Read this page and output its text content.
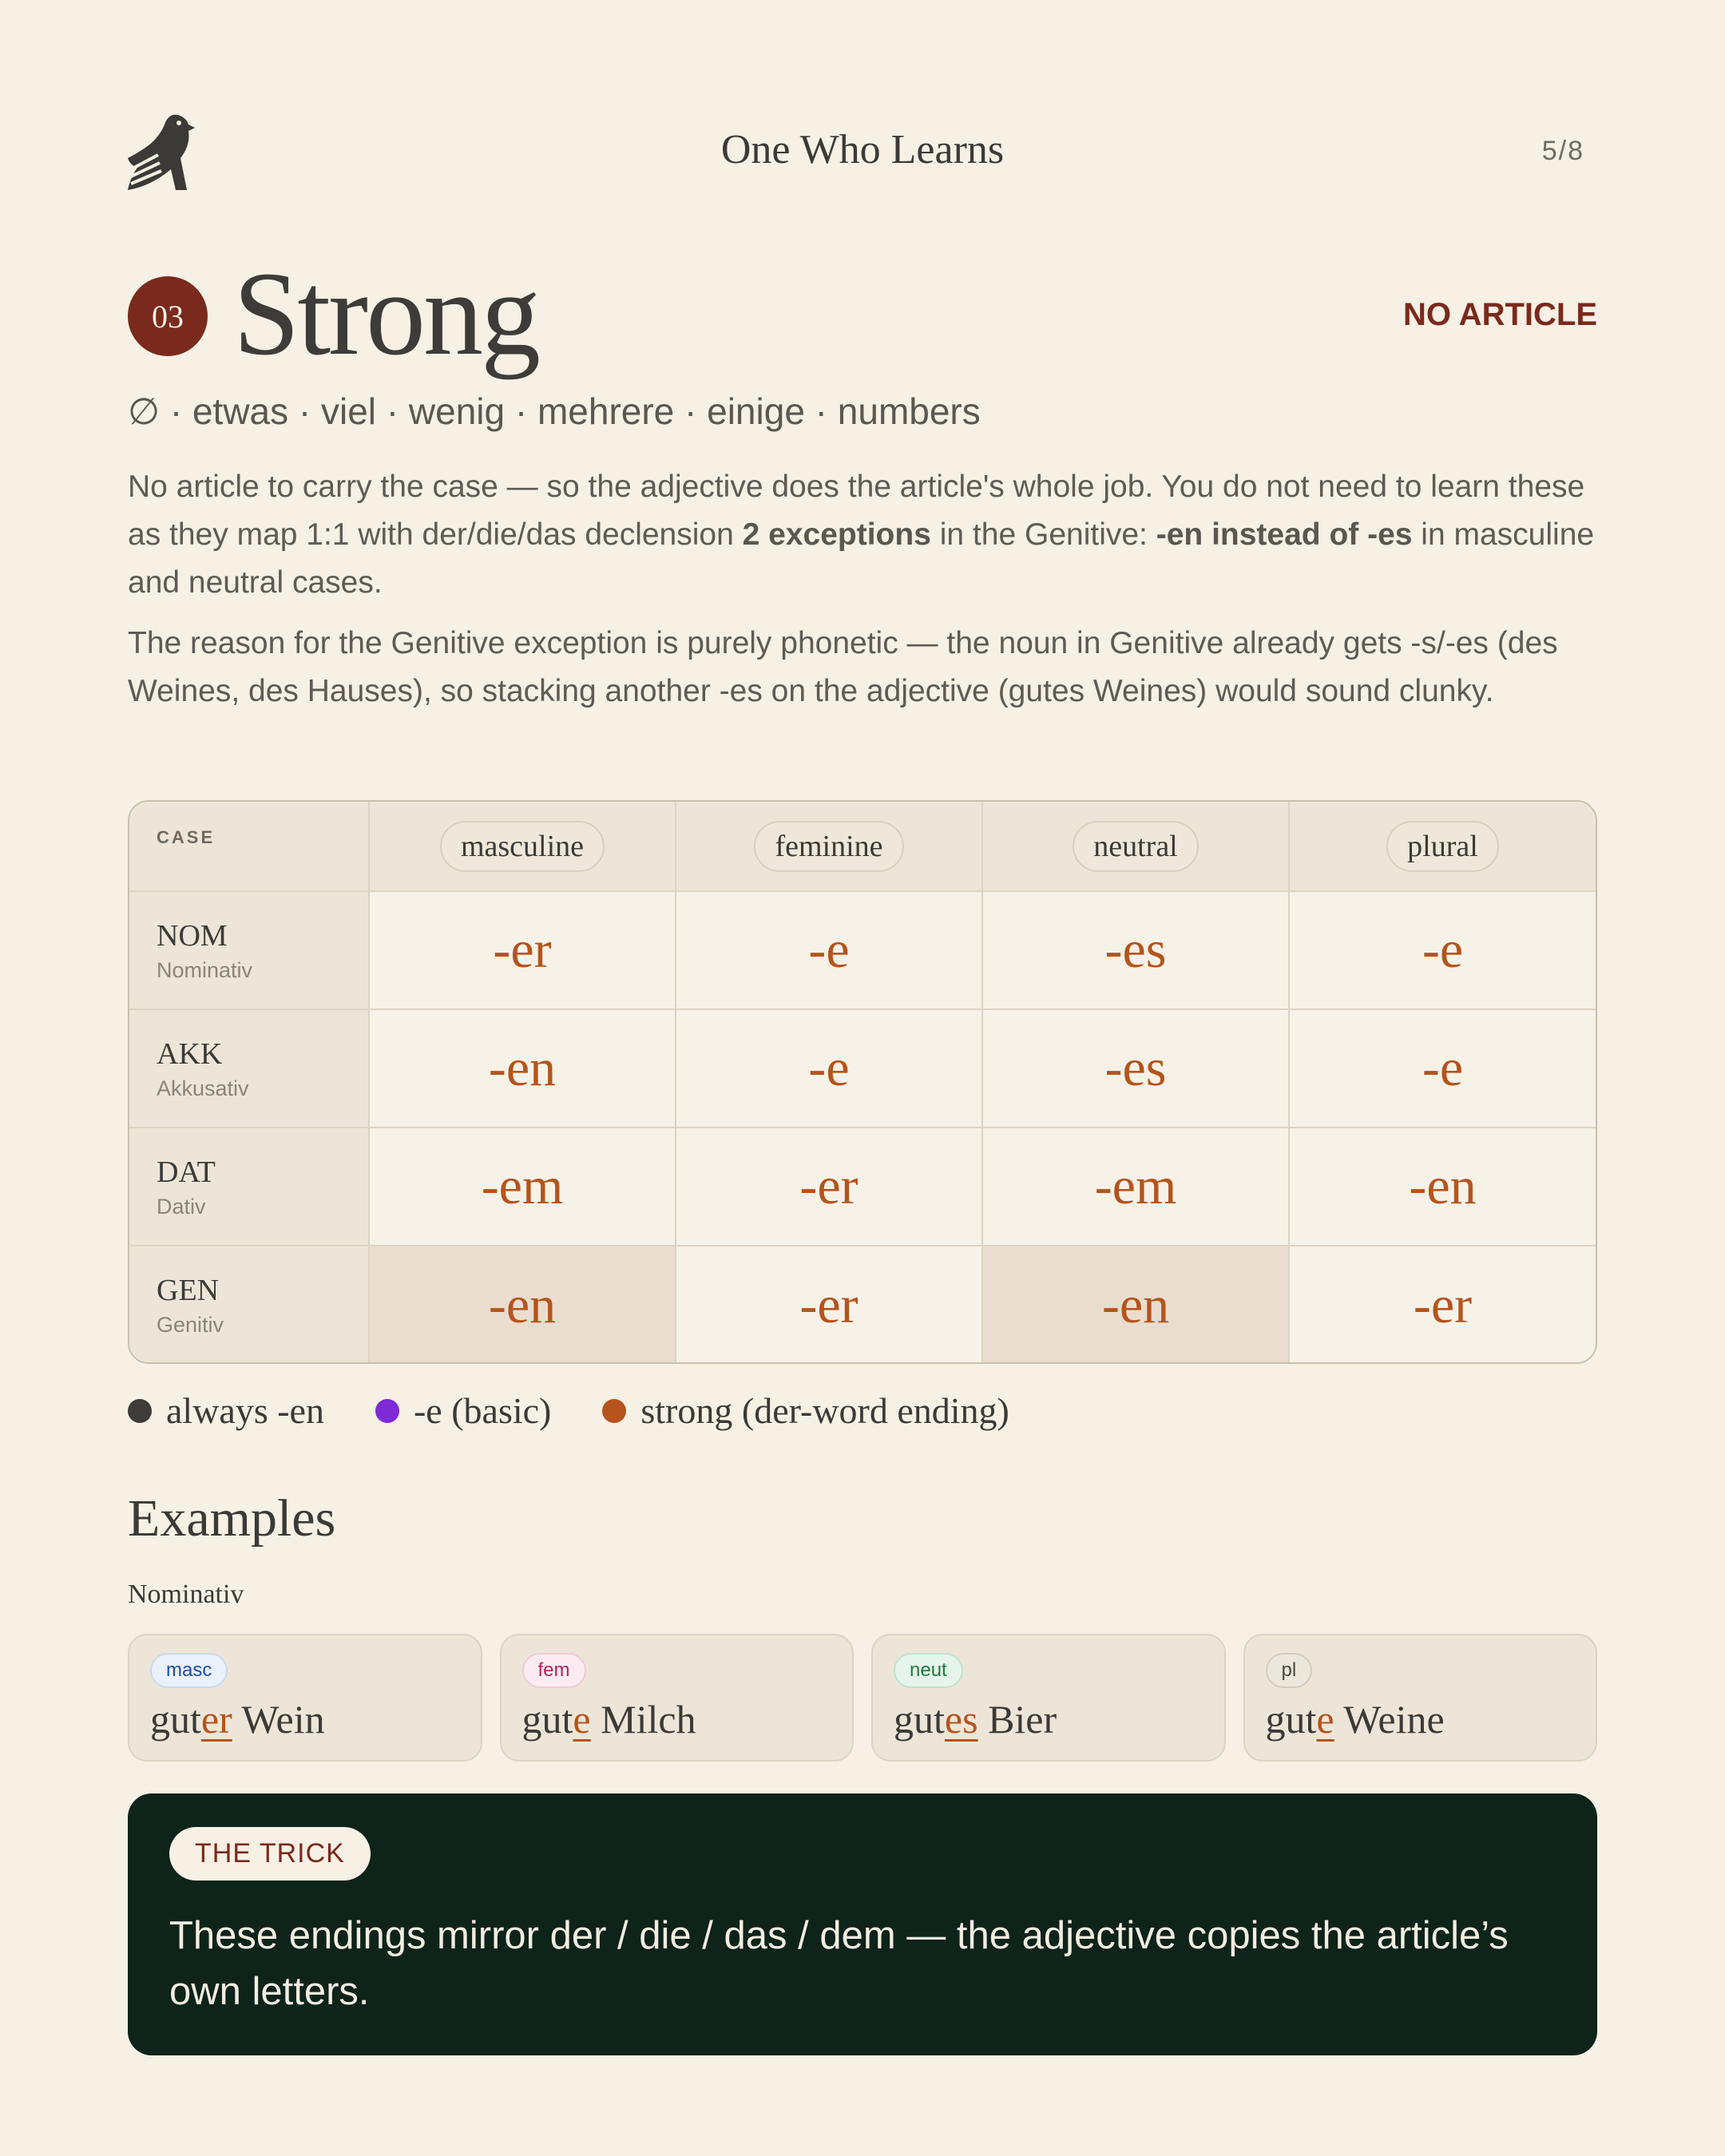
One Who Learns	5/8
03 Strong	NO ARTICLE
∅ · etwas · viel · wenig · mehrere · einige · numbers

No article to carry the case — so the adjective does the article's whole job. You do not need to learn these as they map 1:1 with der/die/das declension 2 exceptions in the Genitive: -en instead of -es in masculine and neutral cases.

The reason for the Genitive exception is purely phonetic — the noun in Genitive already gets -s/-es (des Weines, des Hauses), so stacking another -es on the adjective (gutes Weines) would sound clunky.

CASE	masculine	feminine	neutral	plural

NOM
Nominativ	-er	-e	-es	-e

AKK
Akkusativ	-en	-e	-es	-e

DAT
Dativ	-em	-er	-em	-en

GEN
Genitiv	-en	-er	-en	-er
always -en -e (basic) strong (der-word ending)
Examples
Nominativ
masc
guter Wein
fem
gute Milch
neut
gutes Bier
pl
gute Weine
THE TRICK
These endings mirror der / die / das / dem — the adjective copies the article’s own letters.
